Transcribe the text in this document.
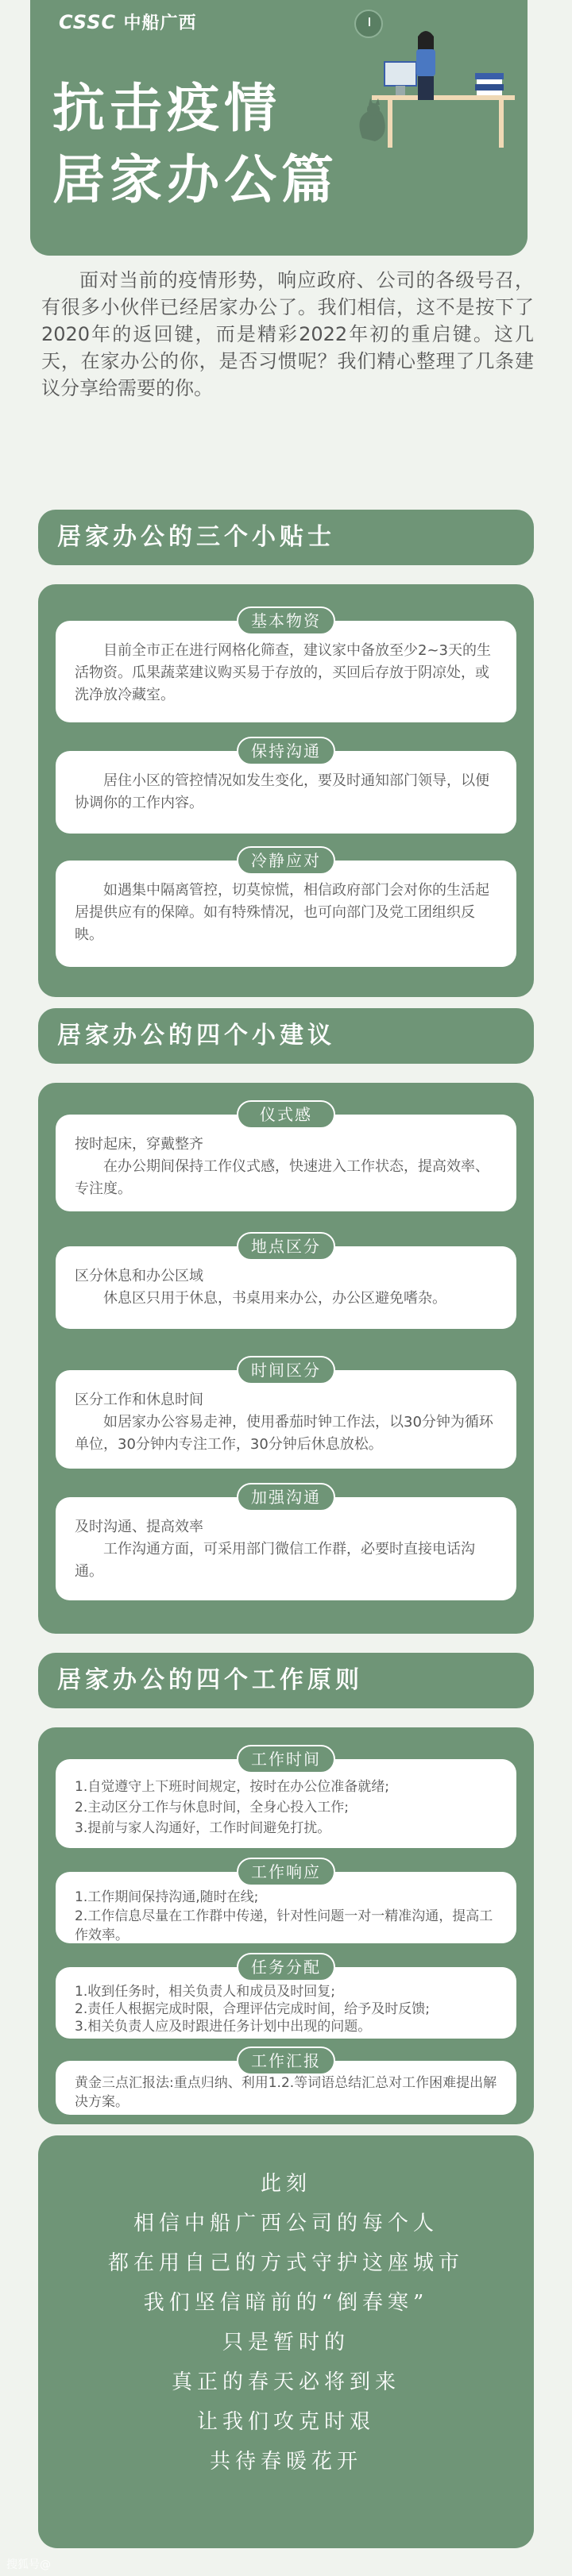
CSSC 中船广西
抗击疫情
居家办公篇
面对当前的疫情形势，响应政府、公司的各级号召，有很多小伙伴已经居家办公了。我们相信，这不是按下了2020年的返回键，而是精彩2022年初的重启键。这几天，在家办公的你，是否习惯呢？我们精心整理了几条建议分享给需要的你。
居家办公的三个小贴士
基本物资

目前全市正在进行网格化筛查，建议家中备放至少2~3天的生活物资。瓜果蔬菜建议购买易于存放的，买回后存放于阴凉处，或洗净放冷藏室。

保持沟通

居住小区的管控情况如发生变化，要及时通知部门领导，以便协调你的工作内容。

冷静应对

如遇集中隔离管控，切莫惊慌，相信政府部门会对你的生活起居提供应有的保障。如有特殊情况，也可向部门及党工团组织反映。

居家办公的四个小建议
仪式感

按时起床，穿戴整齐

在办公期间保持工作仪式感，快速进入工作状态，提高效率、专注度。

地点区分

区分休息和办公区域

休息区只用于休息，书桌用来办公，办公区避免嗜杂。

时间区分

区分工作和休息时间

如居家办公容易走神，使用番茄时钟工作法，以30分钟为循环单位，30分钟内专注工作，30分钟后休息放松。

加强沟通

及时沟通、提高效率

工作沟通方面，可采用部门微信工作群，必要时直接电话沟通。

居家办公的四个工作原则
工作时间

1.自觉遵守上下班时间规定，按时在办公位准备就绪;

2.主动区分工作与休息时间，全身心投入工作;

3.提前与家人沟通好，工作时间避免打扰。

工作响应

1.工作期间保持沟通,随时在线;

2.工作信息尽量在工作群中传递，针对性问题一对一精准沟通，提高工作效率。

任务分配

1.收到任务时，相关负责人和成员及时回复;

2.责任人根据完成时限，合理评估完成时间，给予及时反馈;

3.相关负责人应及时跟进任务计划中出现的问题。

工作汇报

黄金三点汇报法:重点归纳、利用1.2.等词语总结汇总对工作困难提出解决方案。

此刻
相信中船广西公司的每个人
都在用自己的方式守护这座城市
我们坚信暗前的“倒春寒”
只是暂时的
真正的春天必将到来
让我们攻克时艰
共待春暖花开
搜狐号@
